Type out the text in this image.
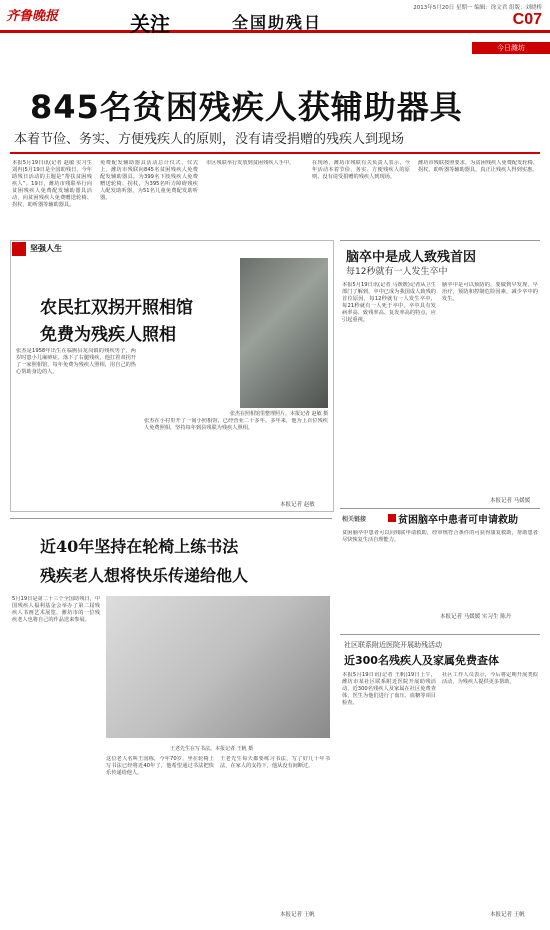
齐鲁晚报	关注	全国助残日
2013年5月20日 星期一 编辑：徐文君 组版：刘晓桥
C07
今日潍坊
845名贫困残疾人获辅助器具
本着节俭、务实、方便残疾人的原则，没有请受捐赠的残疾人到现场
本报5月19日讯(记者 赵敏 实习生 刘冉)5月19日是全国助残日，今年助残日活动的主题是“帮扶贫困残疾人”。19日，潍坊市残联举行向贫困残疾人免费配发辅助器具活动，向贫困残疾人免费赠送轮椅、拐杖、助听器等辅助器具。
免费配发辅助器具活动总计仪式，仪式上，潍坊市残联向845名贫困残疾人免费配发辅助器具。为399名下肢残疾人免费赠送轮椅、拐杖，为395名听力障碍残疾人配发助听器，为51名儿童免费配发助听器。
市区残联举行发放到贫困残疾人手中。	在现场，潍坊市残联有关负责人表示，今年活动本着节俭、务实、方便残疾人的原则，没有请受捐赠的残疾人到现场。
潍坊市残联按照要求，为贫困残疾人免费配发轮椅、拐杖、助听器等辅助器具，真正让残疾人得到实惠。
坚强人生
农民扛双拐开照相馆
免费为残疾人照相
张杰是1958年出生在临朐县龙岗镇的残疾男子，两岁时患小儿麻痹症，落下了右腿残疾，他扛着双拐开了一家照相馆，每年免费为残疾人照相，用自己的热心帮助身边的人。
张杰在照相馆里整理照片。本报记者 赵敏 摄
张杰在小村里开了一间小照相馆，已经营业二十多年。多年来，他为上百位残疾人免费照相，坚持每年到县残联为残疾人照相。
本报记者 赵敏
近40年坚持在轮椅上练书法
残疾老人想将快乐传递给他人
5月19日是第二十三个全国助残日，中国残疾人福利基金会举办了第二届残疾人书画艺术展览，潍坊市的一位残疾老人也将自己的作品送来参展。
王老先生在写书法。本报记者 王帆 摄
这位老人名叫王国栋，今年70岁，坐在轮椅上写书法已经将近40年了，他希望通过书法把快乐传递给他人。
王老先生每天都要练习书法，写了好几十年书法，在家人的支持下，他从没有间断过。
本报记者 王帆
脑卒中是成人致残首因
每12秒就有一人发生卒中
本报5月19日讯(记者 马媛媛)记者从卫生部门了解到，卒中已成为我国成人致残的首位原因，每12秒就有一人发生卒中，每21秒就有一人死于卒中。卒中具有发病率高、致残率高、复发率高的特点，应引起重视。
脑卒中是可以预防的，要做到早发现、早治疗，预防和控制危险因素，减少卒中的发生。
本报记者 马媛媛
相关链接	贫困脑卒中患者可申请救助
贫困脑卒中患者可以向残联申请救助，经审核符合条件的可获得康复救助，帮助患者尽快恢复生活自理能力。
本报记者 马媛媛 实习生 陈丹
社区联系附近医院开展助残活动
近300名残疾人及家属免费查体
本报5月19日讯(记者 王帆)19日上午，潍坊市某社区联系附近医院开展助残活动，近300名残疾人及家属在社区免费查体，医生为他们进行了血压、血糖等项目检查。
社区工作人员表示，今后将定期开展类似活动，为残疾人提供更多帮助。
本报记者 王帆
